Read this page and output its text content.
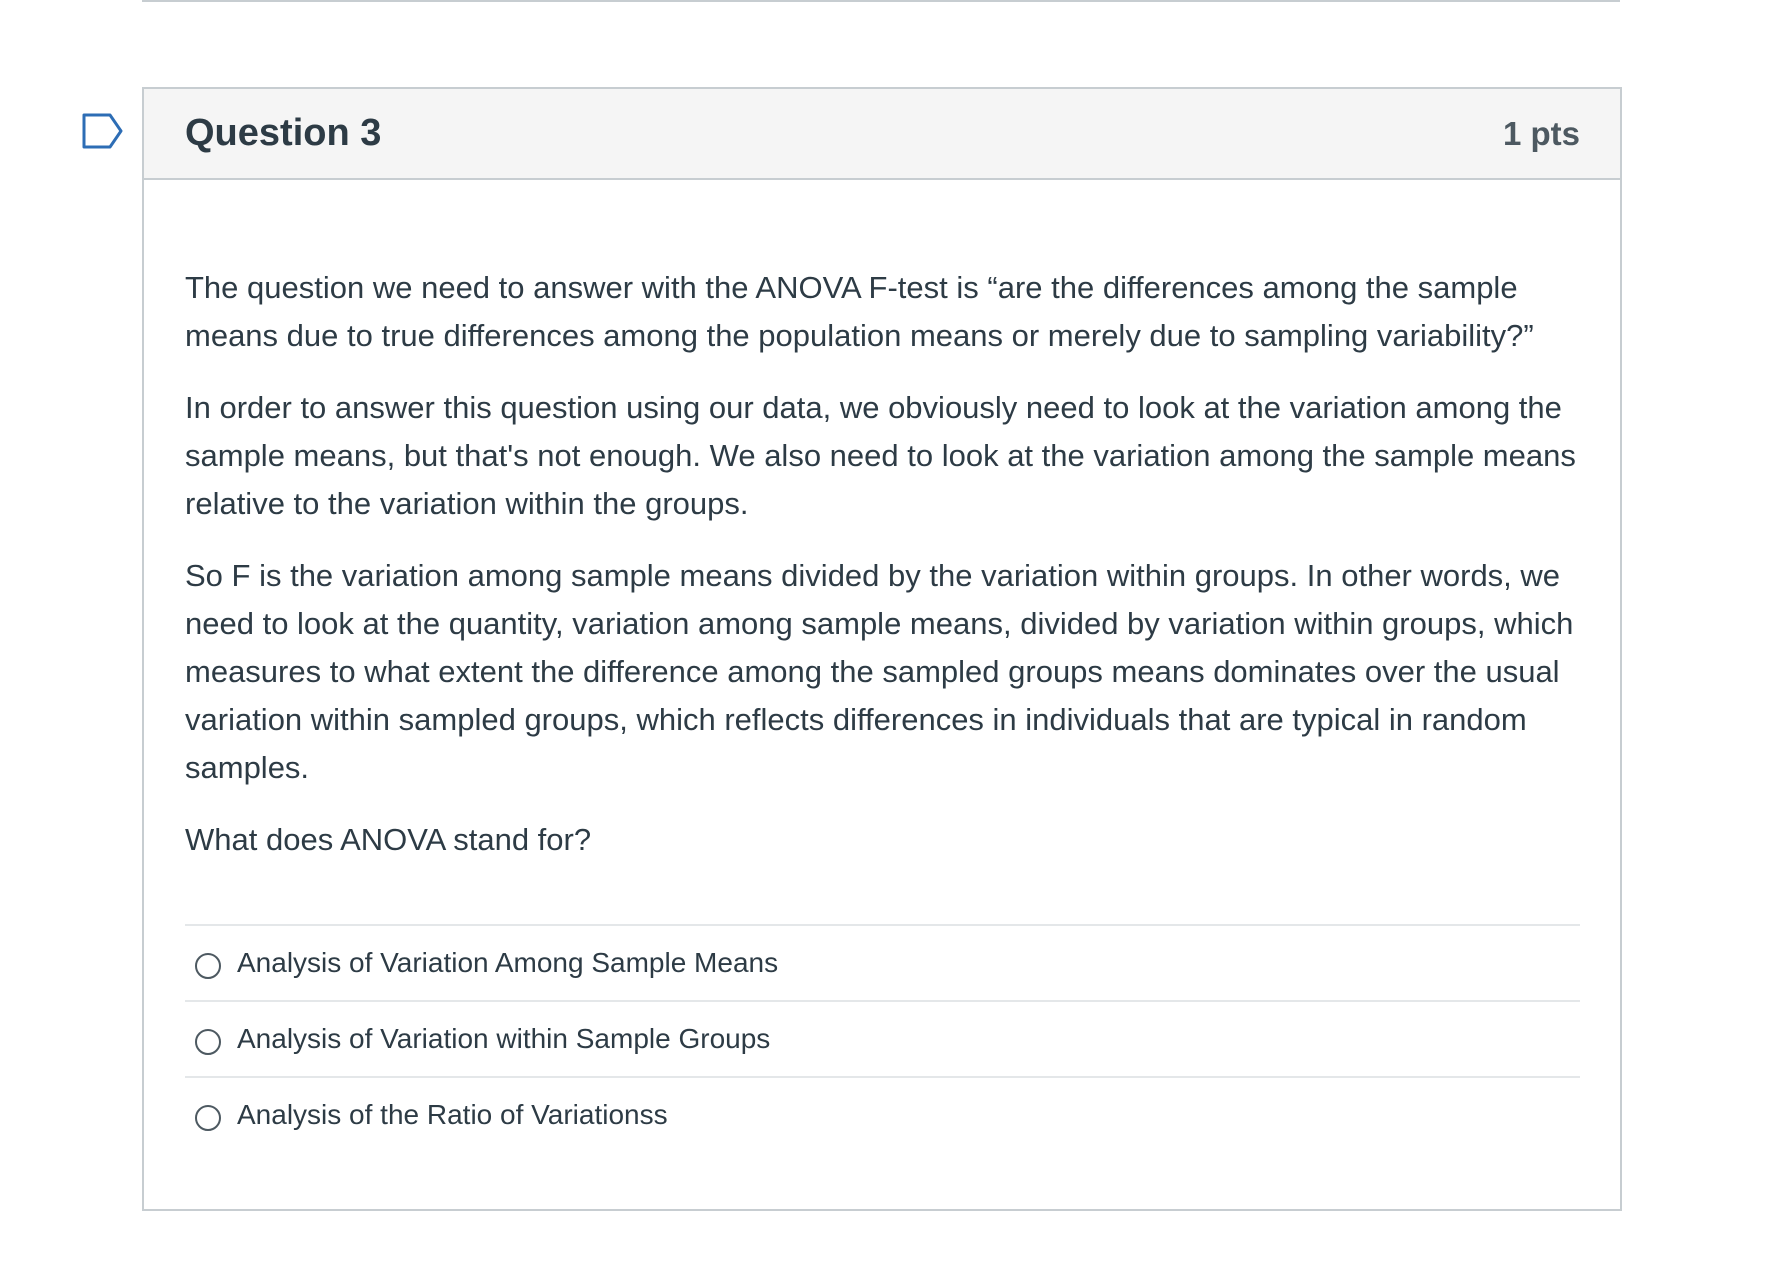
Question 3	1 pts

The question we need to answer with the ANOVA F-test is “are the differences among the sample means due to true differences among the population means or merely due to sampling variability?”

In order to answer this question using our data, we obviously need to look at the variation among the sample means, but that's not enough. We also need to look at the variation among the sample means relative to the variation within the groups.

So F is the variation among sample means divided by the variation within groups. In other words, we need to look at the quantity, variation among sample means, divided by variation within groups, which measures to what extent the difference among the sampled groups means dominates over the usual variation within sampled groups, which reflects differences in individuals that are typical in random samples.

What does ANOVA stand for?

Analysis of Variation Among Sample Means
Analysis of Variation within Sample Groups
Analysis of the Ratio of Variationss
